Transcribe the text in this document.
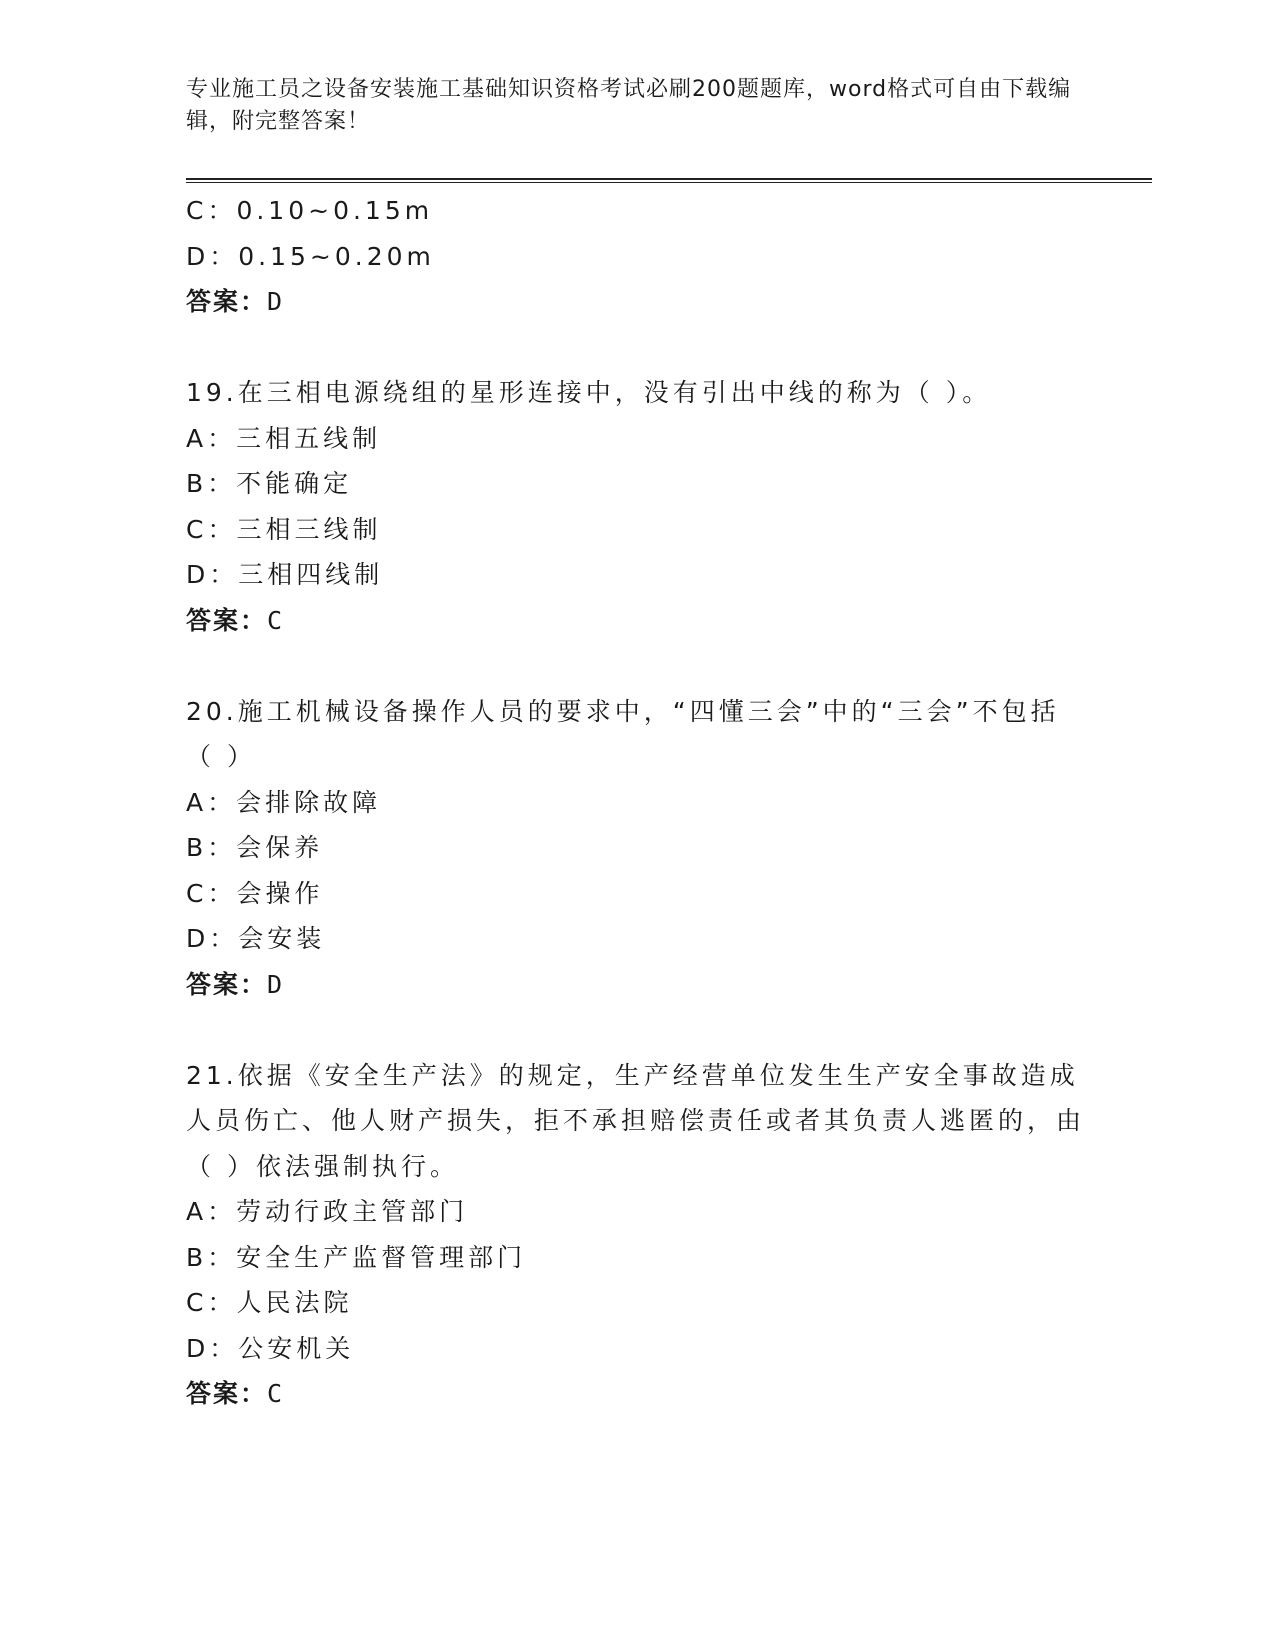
专业施工员之设备安装施工基础知识资格考试必刷200题题库，word格式可自由下载编辑，附完整答案！
C：0.10~0.15m
D：0.15~0.20m
答案：D
19.在三相电源绕组的星形连接中，没有引出中线的称为（ ）。
A：三相五线制
B：不能确定
C：三相三线制
D：三相四线制
答案：C
20.施工机械设备操作人员的要求中，“四懂三会”中的“三会”不包括（ ）
A：会排除故障
B：会保养
C：会操作
D：会安装
答案：D
21.依据《安全生产法》的规定，生产经营单位发生生产安全事故造成人员伤亡、他人财产损失，拒不承担赔偿责任或者其负责人逃匿的，由（ ）依法强制执行。
A：劳动行政主管部门
B：安全生产监督管理部门
C：人民法院
D：公安机关
答案：C
